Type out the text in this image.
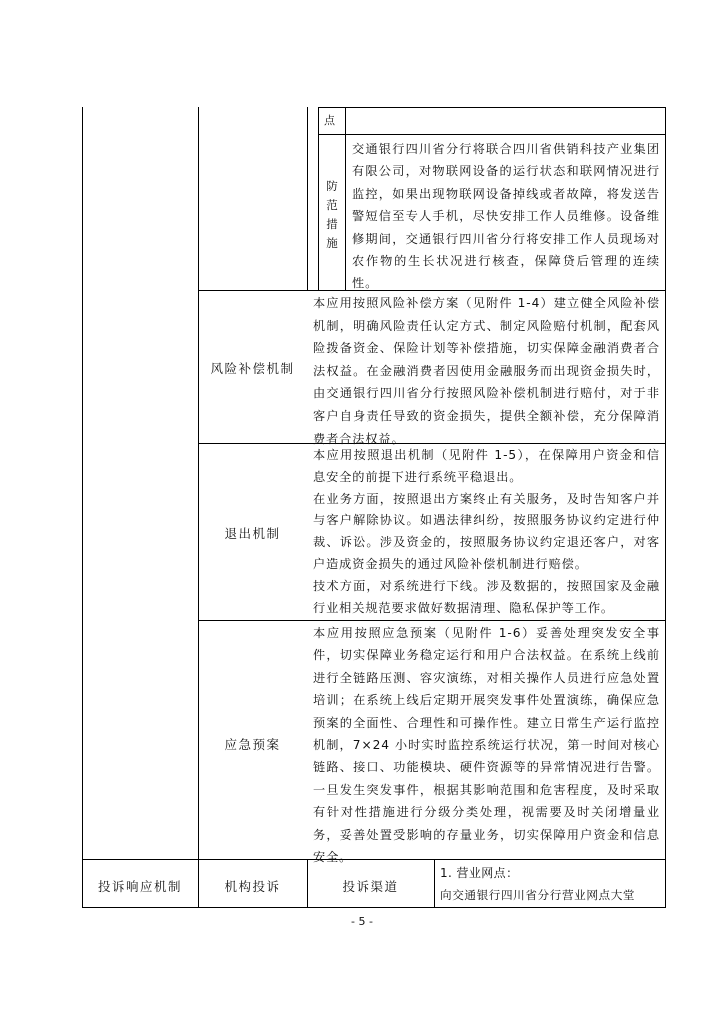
点
防范措施
交通银行四川省分行将联合四川省供销科技产业集团有限公司，对物联网设备的运行状态和联网情况进行监控，如果出现物联网设备掉线或者故障，将发送告警短信至专人手机，尽快安排工作人员维修。设备维修期间，交通银行四川省分行将安排工作人员现场对农作物的生长状况进行核查，保障贷后管理的连续性。
风险补偿机制
本应用按照风险补偿方案（见附件 1-4）建立健全风险补偿机制，明确风险责任认定方式、制定风险赔付机制，配套风险拨备资金、保险计划等补偿措施，切实保障金融消费者合法权益。在金融消费者因使用金融服务而出现资金损失时，由交通银行四川省分行按照风险补偿机制进行赔付，对于非客户自身责任导致的资金损失，提供全额补偿，充分保障消费者合法权益。
退出机制
本应用按照退出机制（见附件 1-5），在保障用户资金和信息安全的前提下进行系统平稳退出。
在业务方面，按照退出方案终止有关服务，及时告知客户并与客户解除协议。如遇法律纠纷，按照服务协议约定进行仲裁、诉讼。涉及资金的，按照服务协议约定退还客户，对客户造成资金损失的通过风险补偿机制进行赔偿。
技术方面，对系统进行下线。涉及数据的，按照国家及金融行业相关规范要求做好数据清理、隐私保护等工作。
应急预案
本应用按照应急预案（见附件 1-6）妥善处理突发安全事件，切实保障业务稳定运行和用户合法权益。在系统上线前进行全链路压测、容灾演练，对相关操作人员进行应急处置培训；在系统上线后定期开展突发事件处置演练，确保应急预案的全面性、合理性和可操作性。建立日常生产运行监控机制，7×24 小时实时监控系统运行状况，第一时间对核心链路、接口、功能模块、硬件资源等的异常情况进行告警。一旦发生突发事件，根据其影响范围和危害程度，及时采取有针对性措施进行分级分类处理，视需要及时关闭增量业务，妥善处置受影响的存量业务，切实保障用户资金和信息安全。
投诉响应机制	机构投诉	投诉渠道
1. 营业网点：
向交通银行四川省分行营业网点大堂
- 5 -
